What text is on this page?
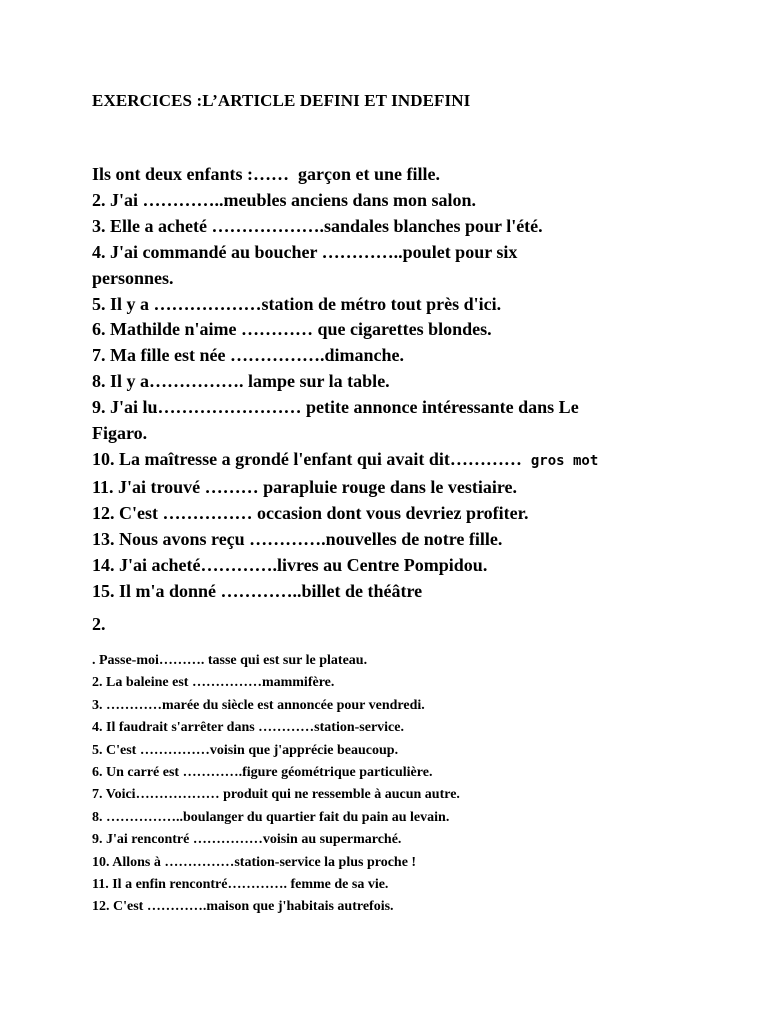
EXERCICES :L’ARTICLE DEFINI ET INDEFINI
Ils ont deux enfants :……  garçon et une fille.
2. J'ai …………..meubles anciens dans mon salon.
3. Elle a acheté ……………….sandales blanches pour l'été.
4. J'ai commandé au boucher …………..poulet pour six
personnes.
5. Il y a ………………station de métro tout près d'ici.
6. Mathilde n'aime ………… que cigarettes blondes.
7. Ma fille est née …………….dimanche.
8. Il y a……………. lampe sur la table.
9. J'ai lu…………………… petite annonce intéressante dans Le
Figaro.
10. La maîtresse a grondé l'enfant qui avait dit…………  gros mot
11. J'ai trouvé ……… parapluie rouge dans le vestiaire.
12. C'est …………… occasion dont vous devriez profiter.
13. Nous avons reçu ………….nouvelles de notre fille.
14. J'ai acheté………….livres au Centre Pompidou.
15. Il m'a donné …………..billet de théâtre
2.
. Passe-moi………. tasse qui est sur le plateau.
2. La baleine est ……………mammifère.
3. …………marée du siècle est annoncée pour vendredi.
4. Il faudrait s'arrêter dans …………station-service.
5. C'est ……………voisin que j'apprécie beaucoup.
6. Un carré est ………….figure géométrique particulière.
7. Voici……………… produit qui ne ressemble à aucun autre.
8. ……………..boulanger du quartier fait du pain au levain.
9. J'ai rencontré ……………voisin au supermarché.
10. Allons à ……………station-service la plus proche !
11. Il a enfin rencontré…………. femme de sa vie.
12. C'est ………….maison que j'habitais autrefois.
